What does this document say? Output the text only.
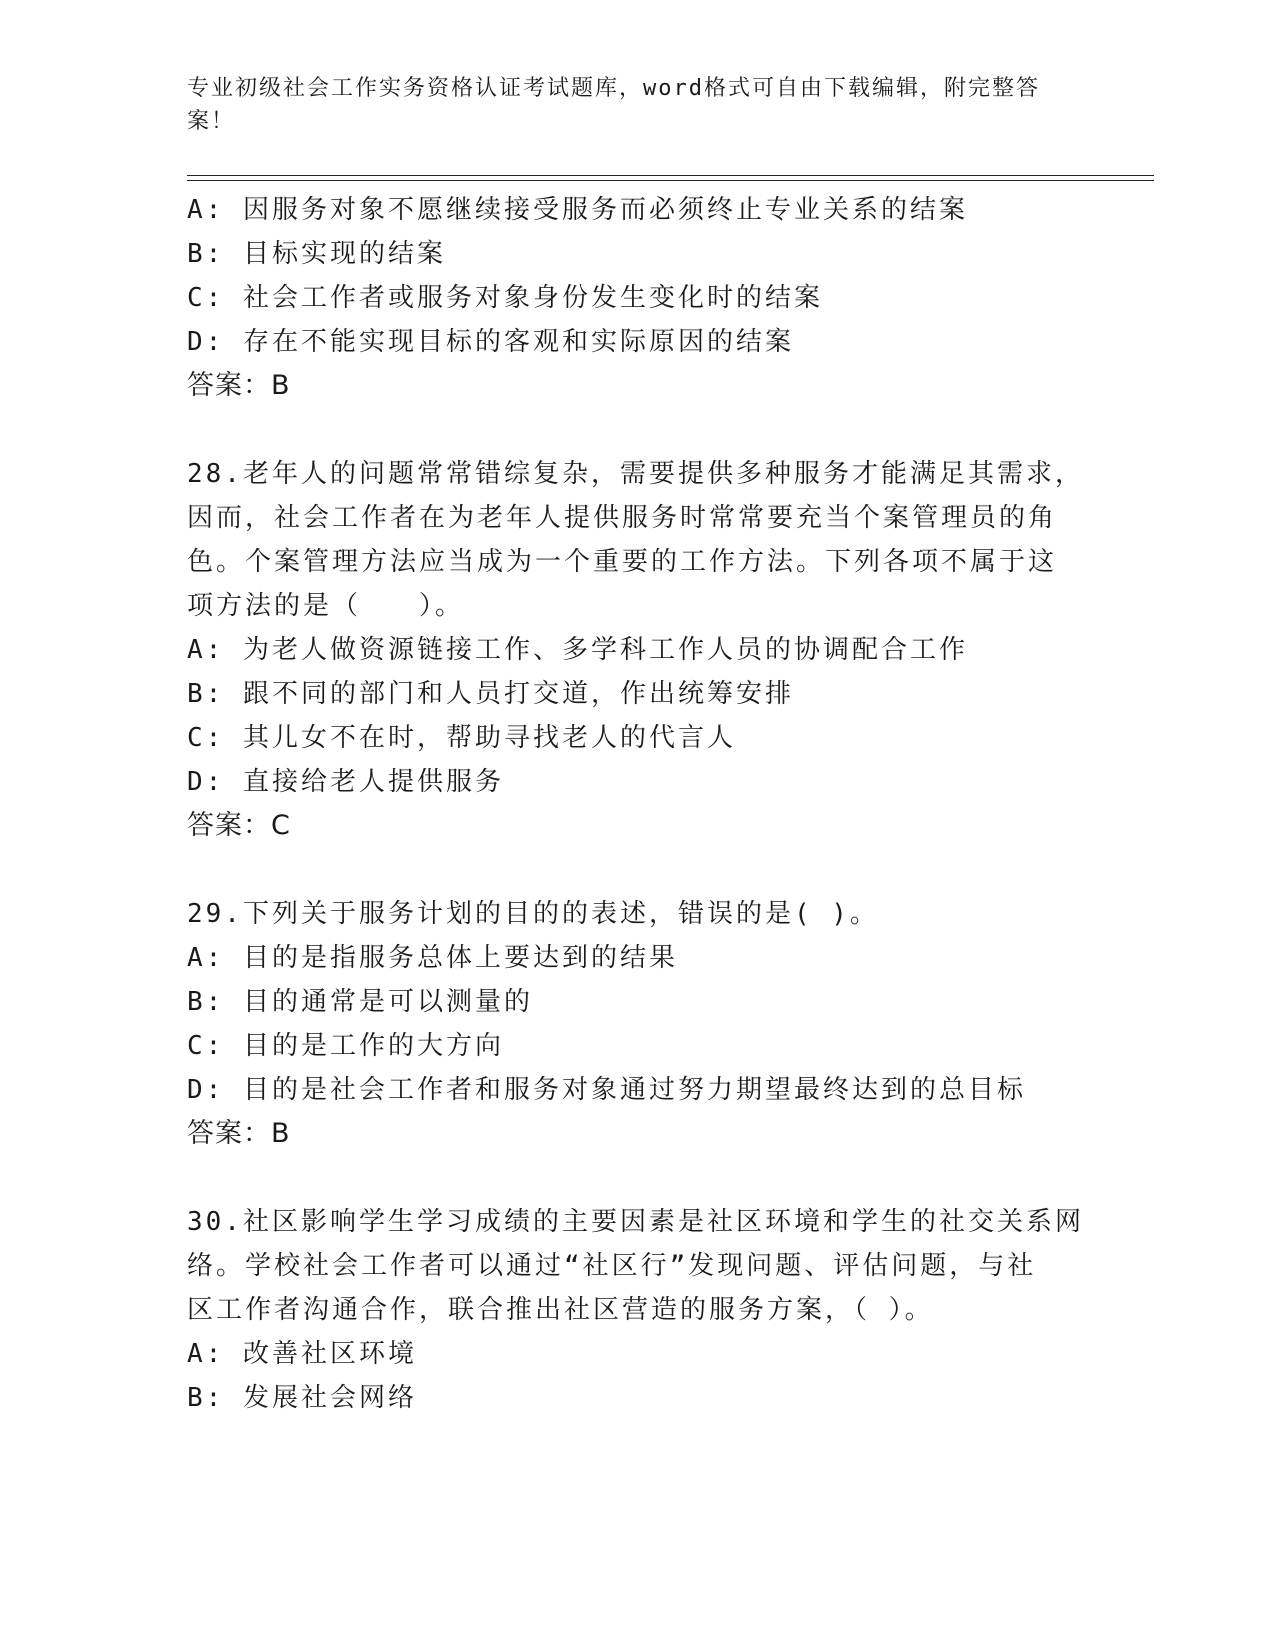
专业初级社会工作实务资格认证考试题库，word格式可自由下载编辑，附完整答案！
A: 因服务对象不愿继续接受服务而必须终止专业关系的结案
B: 目标实现的结案
C: 社会工作者或服务对象身份发生变化时的结案
D: 存在不能实现目标的客观和实际原因的结案
答案：B
28.老年人的问题常常错综复杂，需要提供多种服务才能满足其需求，
因而，社会工作者在为老年人提供服务时常常要充当个案管理员的角
色。个案管理方法应当成为一个重要的工作方法。下列各项不属于这
项方法的是（　　）。
A: 为老人做资源链接工作、多学科工作人员的协调配合工作
B: 跟不同的部门和人员打交道，作出统筹安排
C: 其儿女不在时，帮助寻找老人的代言人
D: 直接给老人提供服务
答案：C
29.下列关于服务计划的目的的表述，错误的是( )。
A: 目的是指服务总体上要达到的结果
B: 目的通常是可以测量的
C: 目的是工作的大方向
D: 目的是社会工作者和服务对象通过努力期望最终达到的总目标
答案：B
30.社区影响学生学习成绩的主要因素是社区环境和学生的社交关系网
络。学校社会工作者可以通过“社区行”发现问题、评估问题，与社
区工作者沟通合作，联合推出社区营造的服务方案，（ ）。
A: 改善社区环境
B: 发展社会网络
